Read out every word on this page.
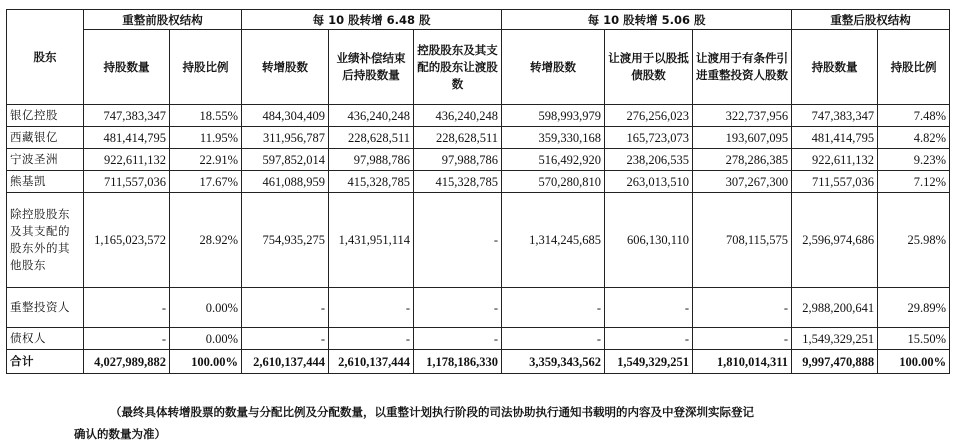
股东	重整前股权结构		每 10 股转增 6.48 股			每 10 股转增 5.06 股			重整后股权结构	
	持股数量	持股比例	转增股数	业绩补偿结束后持股数量	控股股东及其支配的股东让渡股数	转增股数	让渡用于以股抵债股数	让渡用于有条件引进重整投资人股数	持股数量	持股比例
银亿控股	747,383,347	18.55%	484,304,409	436,240,248	436,240,248	598,993,979	276,256,023	322,737,956	747,383,347	7.48%
西藏银亿	481,414,795	11.95%	311,956,787	228,628,511	228,628,511	359,330,168	165,723,073	193,607,095	481,414,795	4.82%
宁波圣洲	922,611,132	22.91%	597,852,014	97,988,786	97,988,786	516,492,920	238,206,535	278,286,385	922,611,132	9.23%
熊基凯	711,557,036	17.67%	461,088,959	415,328,785	415,328,785	570,280,810	263,013,510	307,267,300	711,557,036	7.12%
除控股股东及其支配的股东外的其他股东	1,165,023,572	28.92%	754,935,275	1,431,951,114	-	1,314,245,685	606,130,110	708,115,575	2,596,974,686	25.98%
重整投资人	-	0.00%	-	-	-	-	-	-	2,988,200,641	29.89%
债权人	-	0.00%	-	-	-	-	-	-	1,549,329,251	15.50%
合计	4,027,989,882	100.00%	2,610,137,444	2,610,137,444	1,178,186,330	3,359,343,562	1,549,329,251	1,810,014,311	9,997,470,888	100.00%
（最终具体转增股票的数量与分配比例及分配数量，以重整计划执行阶段的司法协助执行通知书载明的内容及中登深圳实际登记
确认的数量为准）
